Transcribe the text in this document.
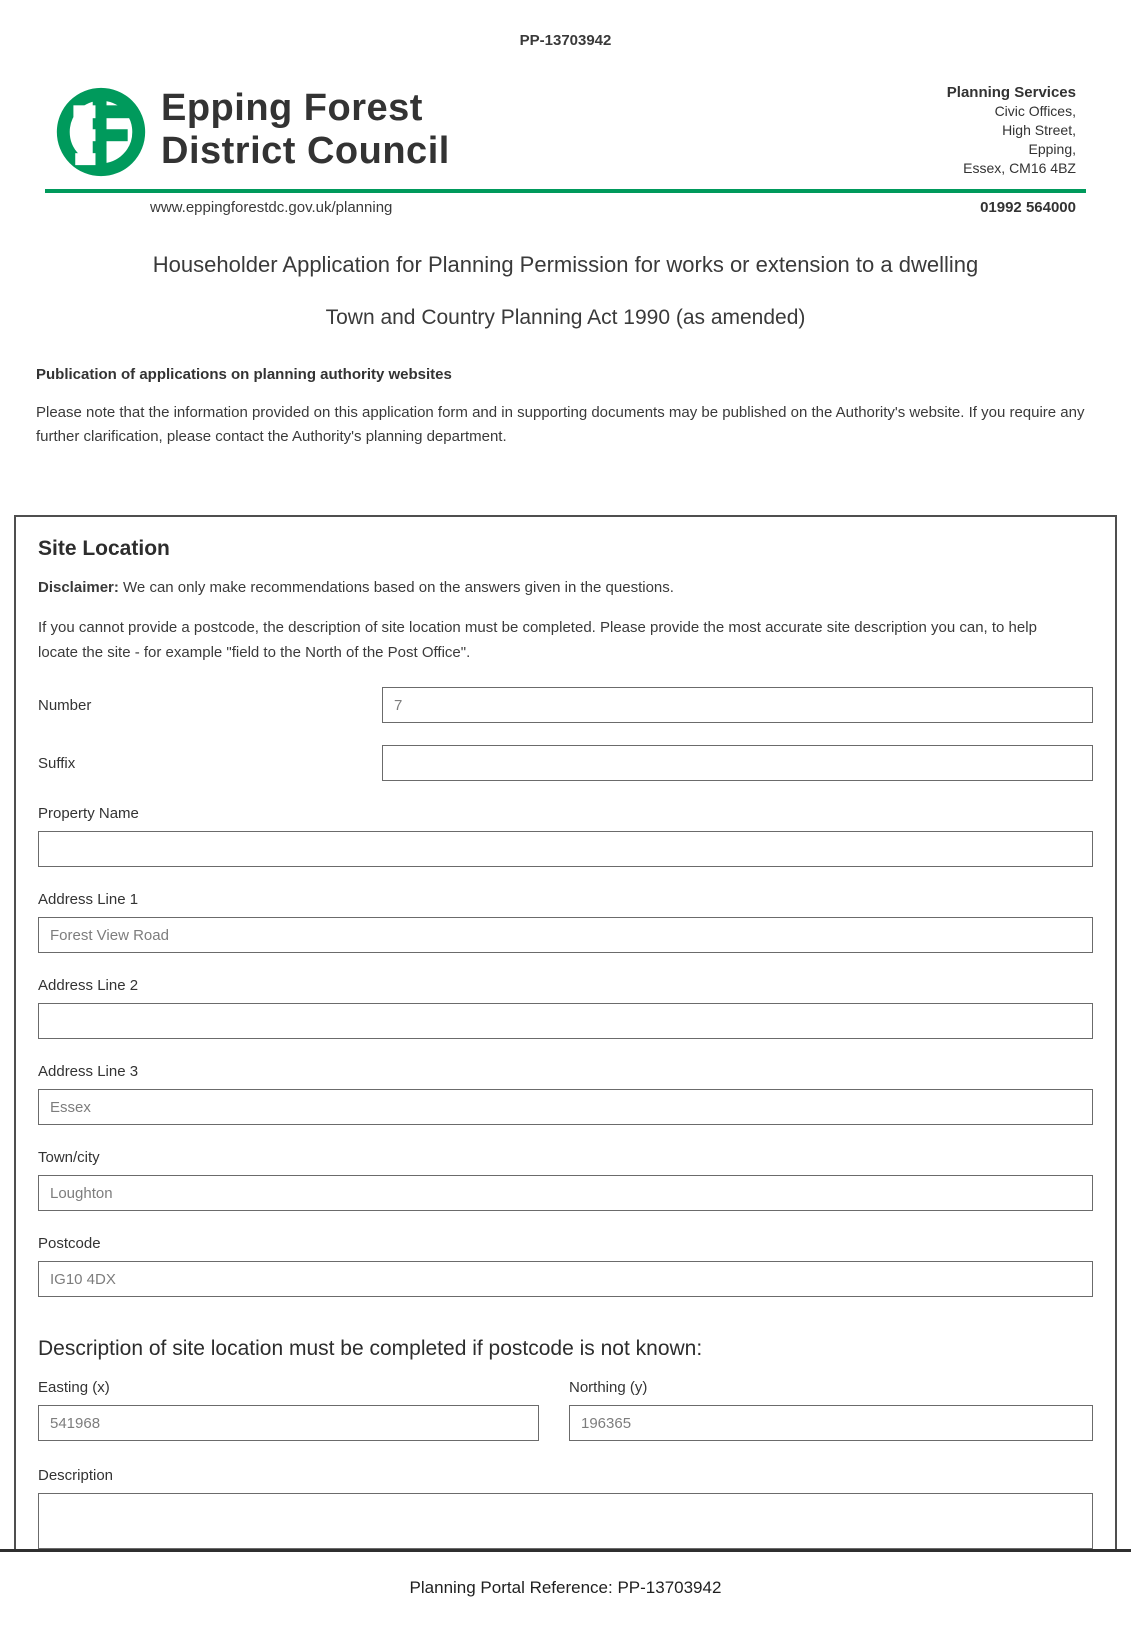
PP-13703942
Epping Forest
District Council
Planning Services
Civic Offices,
High Street,
Epping,
Essex, CM16 4BZ
www.eppingforestdc.gov.uk/planning	01992 564000
Householder Application for Planning Permission for works or extension to a dwelling
Town and Country Planning Act 1990 (as amended)
Publication of applications on planning authority websites

Please note that the information provided on this application form and in supporting documents may be published on the Authority's website. If you require any further clarification, please contact the Authority's planning department.

Site Location

Disclaimer: We can only make recommendations based on the answers given in the questions.

If you cannot provide a postcode, the description of site location must be completed. Please provide the most accurate site description you can, to help locate the site - for example "field to the North of the Post Office".

Number
7
Suffix
Property Name
Address Line 1
Forest View Road
Address Line 2
Address Line 3
Essex
Town/city
Loughton
Postcode
IG10 4DX
Description of site location must be completed if postcode is not known:
Easting (x)
541968	Northing (y)
196365
Description
Planning Portal Reference: PP-13703942
